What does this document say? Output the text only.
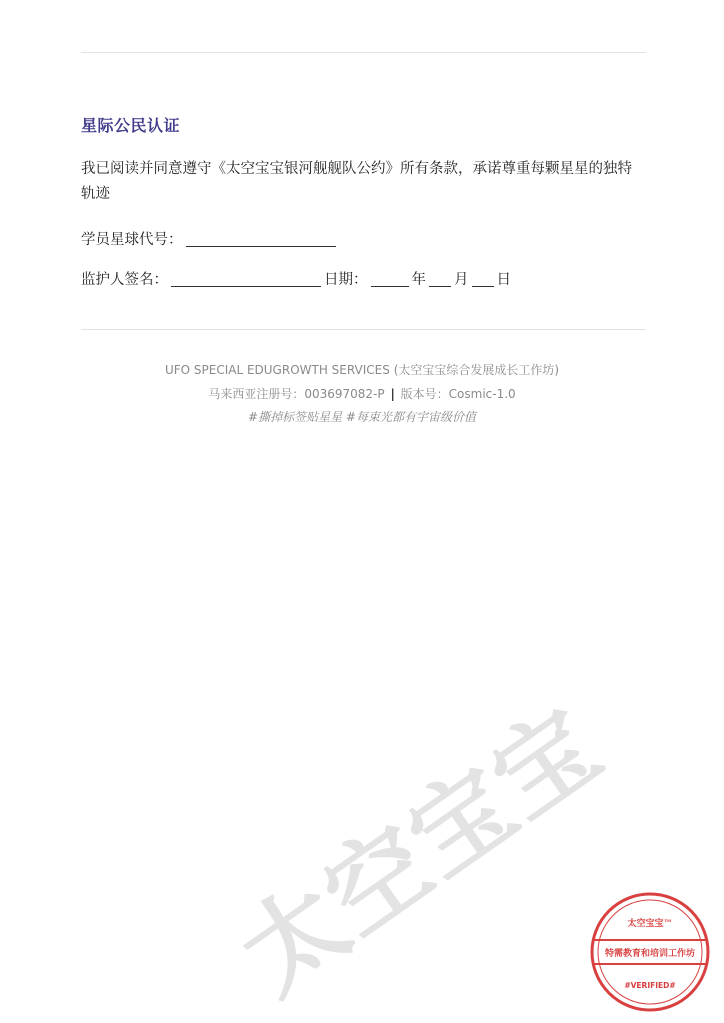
星际公民认证
我已阅读并同意遵守《太空宝宝银河舰舰队公约》所有条款，承诺尊重每颗星星的独特轨迹
学员星球代号：
监护人签名：	日期：	年 月 日
UFO SPECIAL EDUGROWTH SERVICES (太空宝宝综合发展成长工作坊)
马来西亚注册号：003697082-P | 版本号：Cosmic-1.0
#撕掉标签贴星星 #每束光都有宇宙级价值
太空宝宝 太空宝宝™
特需教育和培训工作坊
#VERIFIED#
